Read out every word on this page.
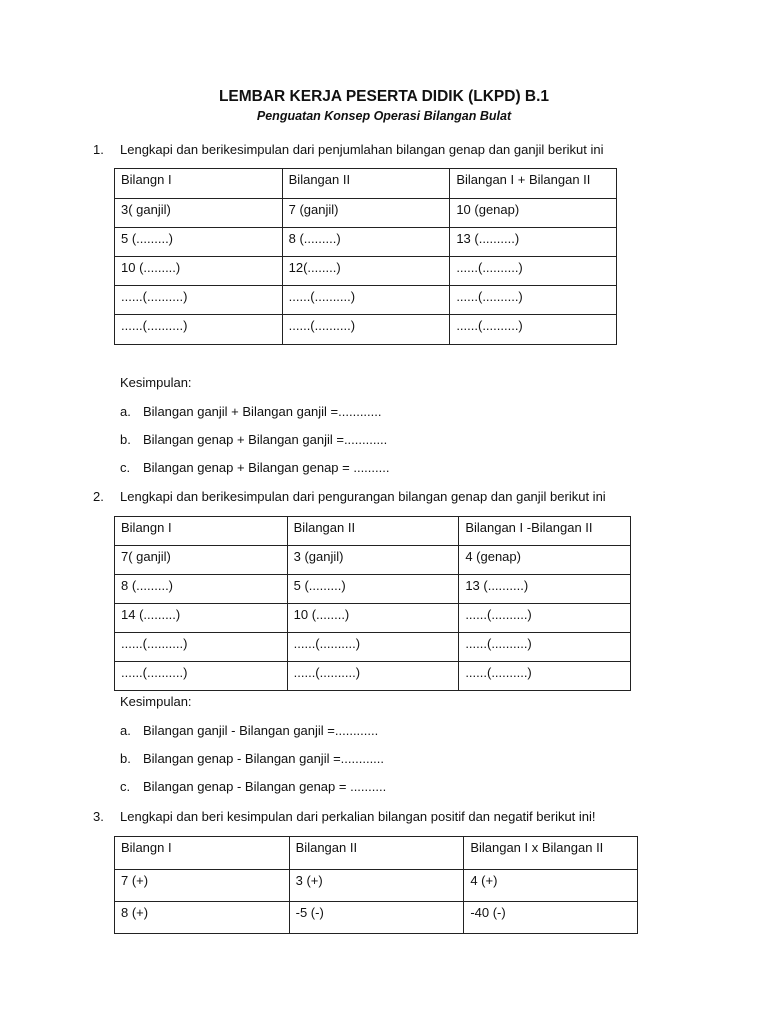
LEMBAR KERJA PESERTA DIDIK (LKPD) B.1
Penguatan Konsep Operasi Bilangan Bulat
1. Lengkapi dan berikesimpulan dari penjumlahan bilangan genap dan ganjil berikut ini
Bilangn I	Bilangan II	Bilangan I + Bilangan II
3( ganjil)	7 (ganjil)	10 (genap)
5 (.........)	8 (.........)	13 (..........)
10 (.........)	12(........)	......(..........)
......(..........)	......(..........)	......(..........)
......(..........)	......(..........)	......(..........)
Kesimpulan:
a. Bilangan ganjil + Bilangan ganjil =............
b. Bilangan genap + Bilangan ganjil =............
c. Bilangan genap + Bilangan genap = ..........
2. Lengkapi dan berikesimpulan dari pengurangan bilangan genap dan ganjil berikut ini
Bilangn I	Bilangan II	Bilangan I -Bilangan II
7( ganjil)	3 (ganjil)	4 (genap)
8 (.........)	5 (.........)	13 (..........)
14 (.........)	10 (........)	......(..........)
......(..........)	......(..........)	......(..........)
......(..........)	......(..........)	......(..........)
Kesimpulan:
a. Bilangan ganjil - Bilangan ganjil =............
b. Bilangan genap - Bilangan ganjil =............
c. Bilangan genap - Bilangan genap = ..........
3. Lengkapi dan beri kesimpulan dari perkalian bilangan positif dan negatif berikut ini!
Bilangn I	Bilangan II	Bilangan I x Bilangan II
7 (+)	3 (+)	4 (+)
8 (+)	-5 (-)	-40 (-)
